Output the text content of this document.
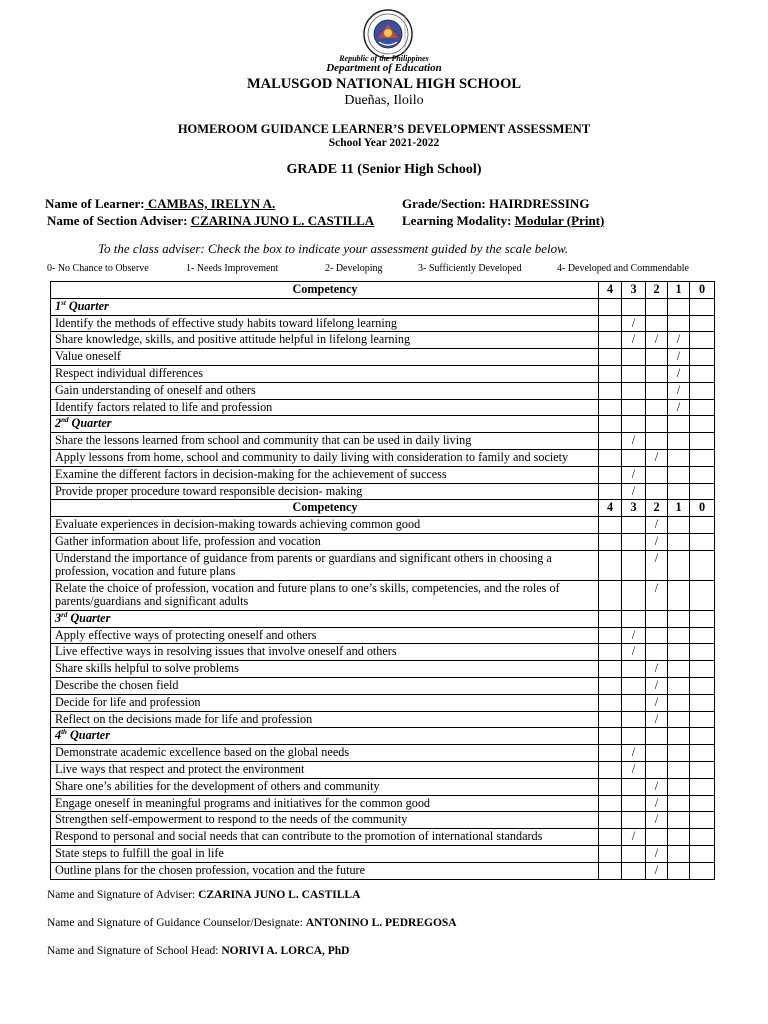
Republic of the Philippines
Department of Education
MALUSGOD NATIONAL HIGH SCHOOL
Dueñas, Iloilo
HOMEROOM GUIDANCE LEARNER’S DEVELOPMENT ASSESSMENT
School Year 2021-2022
GRADE 11 (Senior High School)
Name of Learner: CAMBAS, IRELYN A.	Grade/Section: HAIRDRESSING
Name of Section Adviser: CZARINA JUNO L. CASTILLA Learning Modality: Modular (Print)
To the class adviser: Check the box to indicate your assessment guided by the scale below.
0- No Chance to Observe	1- Needs Improvement	2- Developing	3- Sufficiently Developed	4- Developed and Commendable
Competency	4	3	2	1	0
1st Quarter					
Identify the methods of effective study habits toward lifelong learning		/			
Share knowledge, skills, and positive attitude helpful in lifelong learning		/	/	/	
Value oneself				/	
Respect individual differences				/	
Gain understanding of oneself and others				/	
Identify factors related to life and profession				/	
2nd Quarter					
Share the lessons learned from school and community that can be used in daily living		/			
Apply lessons from home, school and community to daily living with consideration to family and society			/		
Examine the different factors in decision-making for the achievement of success		/			
Provide proper procedure toward responsible decision- making		/			
Competency	4	3	2	1	0
Evaluate experiences in decision-making towards achieving common good			/		
Gather information about life, profession and vocation			/		
Understand the importance of guidance from parents or guardians and significant others in choosing a profession, vocation and future plans			/		
Relate the choice of profession, vocation and future plans to one’s skills, competencies, and the roles of parents/guardians and significant adults			/		
3rd Quarter					
Apply effective ways of protecting oneself and others		/			
Live effective ways in resolving issues that involve oneself and others		/			
Share skills helpful to solve problems			/		
Describe the chosen field			/		
Decide for life and profession			/		
Reflect on the decisions made for life and profession			/		
4th Quarter					
Demonstrate academic excellence based on the global needs		/			
Live ways that respect and protect the environment		/			
Share one’s abilities for the development of others and community			/		
Engage oneself in meaningful programs and initiatives for the common good			/		
Strengthen self-empowerment to respond to the needs of the community			/		
Respond to personal and social needs that can contribute to the promotion of international standards		/			
State steps to fulfill the goal in life			/		
Outline plans for the chosen profession, vocation and the future			/		
Name and Signature of Adviser: CZARINA JUNO L. CASTILLA
Name and Signature of Guidance Counselor/Designate: ANTONINO L. PEDREGOSA
Name and Signature of School Head: NORIVI A. LORCA, PhD
